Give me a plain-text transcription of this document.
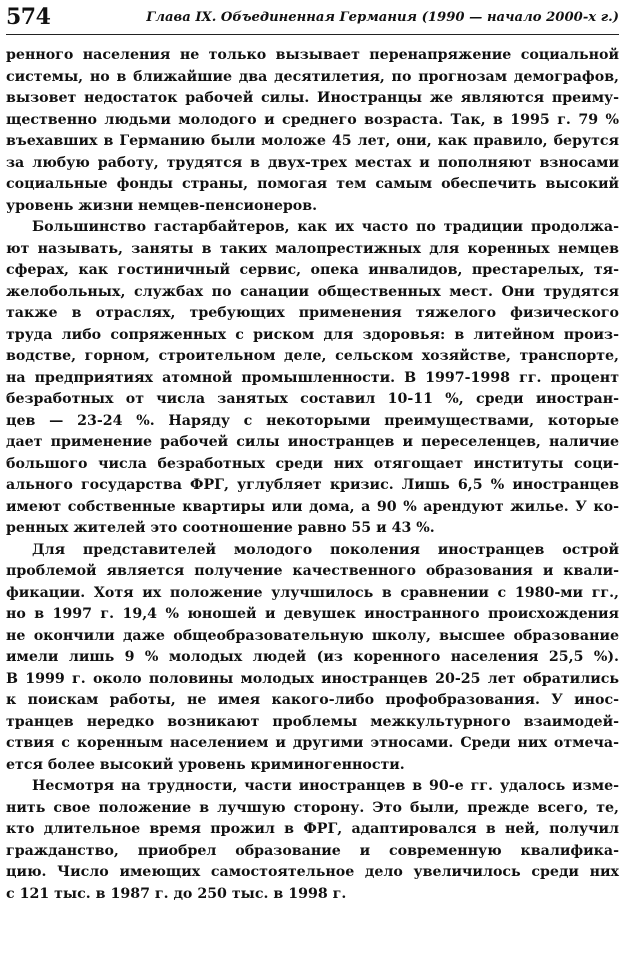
574	Глава IX. Объединенная Германия (1990 — начало 2000-х г.)
ренного населения не только вызывает перенапряжение социальной
системы, но в ближайшие два десятилетия, по прогнозам демографов,
вызовет недостаток рабочей силы. Иностранцы же являются преиму-
щественно людьми молодого и среднего возраста. Так, в 1995 г. 79 %
въехавших в Германию были моложе 45 лет, они, как правило, берутся
за любую работу, трудятся в двух-трех местах и пополняют взносами
социальные фонды страны, помогая тем самым обеспечить высокий
уровень жизни немцев-пенсионеров.
Большинство гастарбайтеров, как их часто по традиции продолжа-
ют называть, заняты в таких малопрестижных для коренных немцев
сферах, как гостиничный сервис, опека инвалидов, престарелых, тя-
желобольных, службах по санации общественных мест. Они трудятся
также в отраслях, требующих применения тяжелого физического
труда либо сопряженных с риском для здоровья: в литейном произ-
водстве, горном, строительном деле, сельском хозяйстве, транспорте,
на предприятиях атомной промышленности. В 1997-1998 гг. процент
безработных от числа занятых составил 10-11 %, среди иностран-
цев — 23-24 %. Наряду с некоторыми преимуществами, которые
дает применение рабочей силы иностранцев и переселенцев, наличие
большого числа безработных среди них отягощает институты соци-
ального государства ФРГ, углубляет кризис. Лишь 6,5 % иностранцев
имеют собственные квартиры или дома, а 90 % арендуют жилье. У ко-
ренных жителей это соотношение равно 55 и 43 %.
Для представителей молодого поколения иностранцев острой
проблемой является получение качественного образования и квали-
фикации. Хотя их положение улучшилось в сравнении с 1980-ми гг.,
но в 1997 г. 19,4 % юношей и девушек иностранного происхождения
не окончили даже общеобразовательную школу, высшее образование
имели лишь 9 % молодых людей (из коренного населения 25,5 %).
В 1999 г. около половины молодых иностранцев 20-25 лет обратились
к поискам работы, не имея какого-либо профобразования. У инос-
транцев нередко возникают проблемы межкультурного взаимодей-
ствия с коренным населением и другими этносами. Среди них отмеча-
ется более высокий уровень криминогенности.
Несмотря на трудности, части иностранцев в 90-е гг. удалось изме-
нить свое положение в лучшую сторону. Это были, прежде всего, те,
кто длительное время прожил в ФРГ, адаптировался в ней, получил
гражданство, приобрел образование и современную квалифика-
цию. Число имеющих самостоятельное дело увеличилось среди них
с 121 тыс. в 1987 г. до 250 тыс. в 1998 г.
